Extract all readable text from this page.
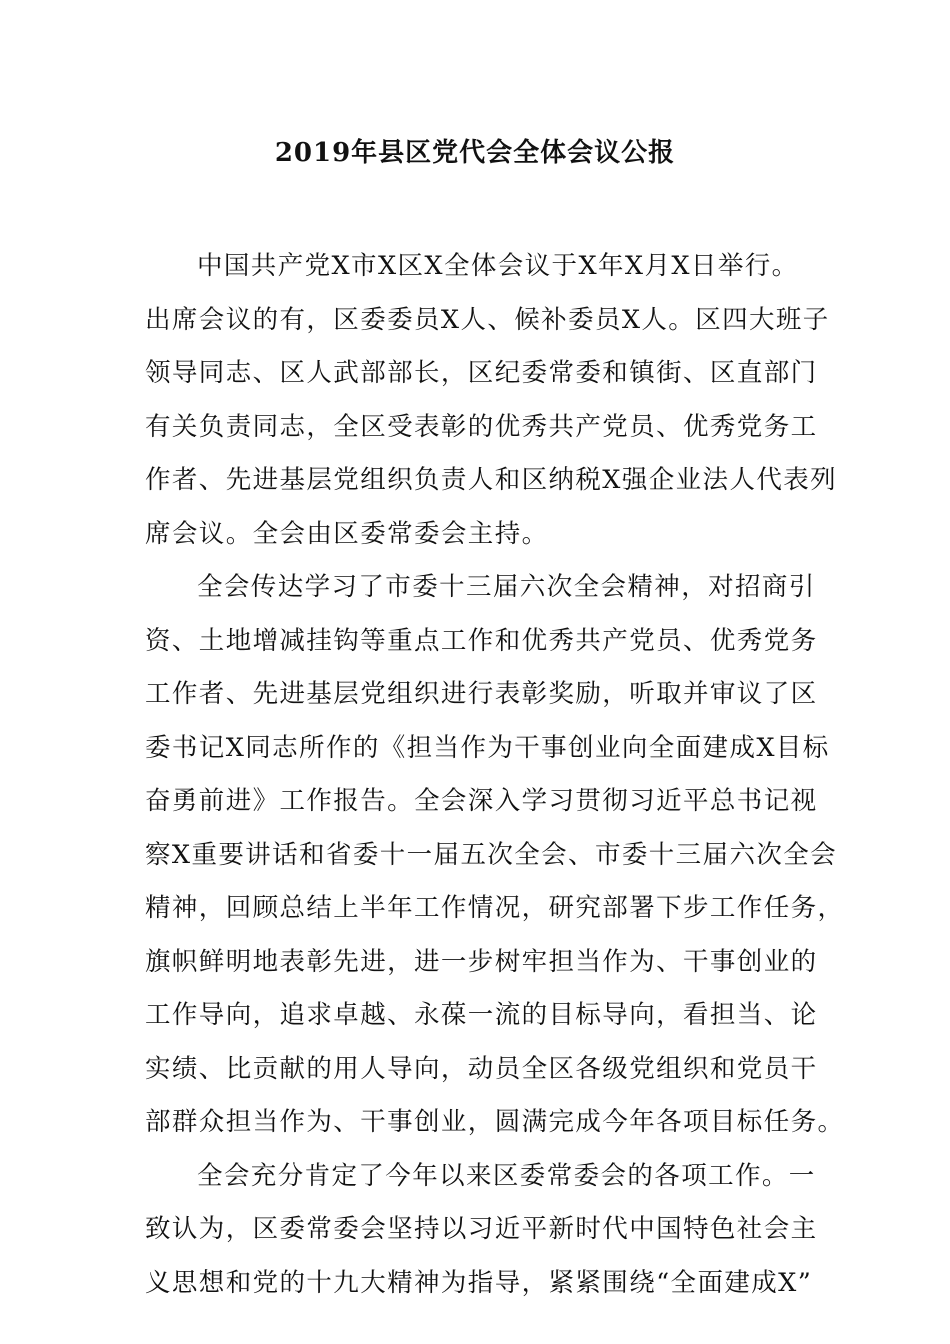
2019年县区党代会全体会议公报
中国共产党X市X区X全体会议于X年X月X日举行。
出席会议的有，区委委员X人、候补委员X人。区四大班子
领导同志、区人武部部长，区纪委常委和镇街、区直部门
有关负责同志，全区受表彰的优秀共产党员、优秀党务工
作者、先进基层党组织负责人和区纳税X强企业法人代表列
席会议。全会由区委常委会主持。
全会传达学习了市委十三届六次全会精神，对招商引
资、土地增减挂钩等重点工作和优秀共产党员、优秀党务
工作者、先进基层党组织进行表彰奖励，听取并审议了区
委书记X同志所作的《担当作为干事创业向全面建成X目标
奋勇前进》工作报告。全会深入学习贯彻习近平总书记视
察X重要讲话和省委十一届五次全会、市委十三届六次全会
精神，回顾总结上半年工作情况，研究部署下步工作任务，
旗帜鲜明地表彰先进，进一步树牢担当作为、干事创业的
工作导向，追求卓越、永葆一流的目标导向，看担当、论
实绩、比贡献的用人导向，动员全区各级党组织和党员干
部群众担当作为、干事创业，圆满完成今年各项目标任务。
全会充分肯定了今年以来区委常委会的各项工作。一
致认为，区委常委会坚持以习近平新时代中国特色社会主
义思想和党的十九大精神为指导，紧紧围绕“全面建成X”
